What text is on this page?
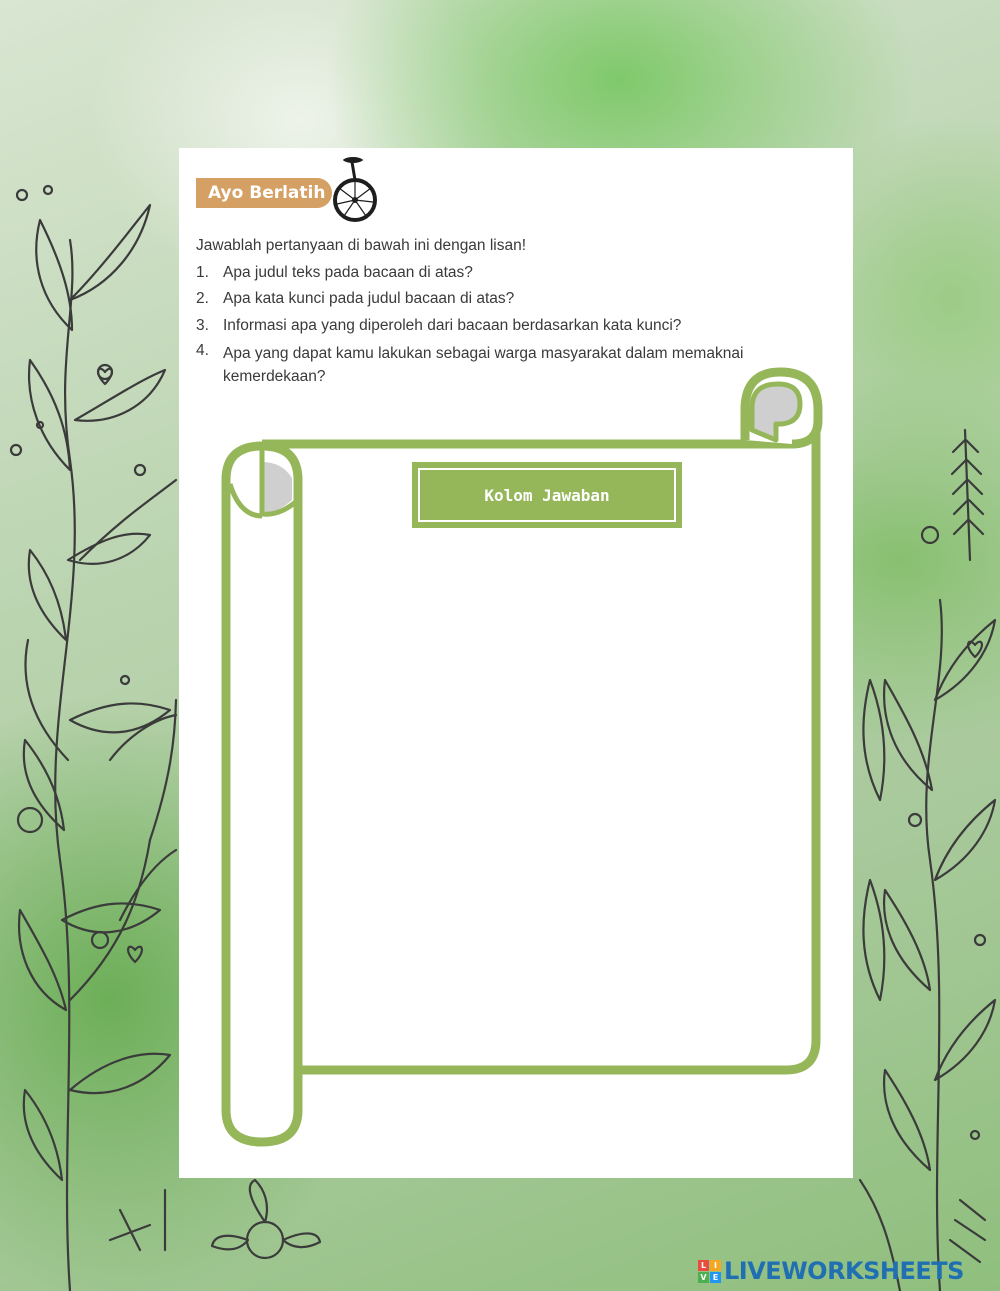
Ayo Berlatih

Jawablah pertanyaan di bawah ini dengan lisan!

1. Apa judul teks pada bacaan di atas?
2. Apa kata kunci pada judul bacaan di atas?
3. Informasi apa yang diperoleh dari bacaan berdasarkan kata kunci?
4. Apa yang dapat kamu lakukan sebagai warga masyarakat dalam memaknai kemerdekaan?
Kolom Jawaban
L I
V E LIVEWORKSHEETS
